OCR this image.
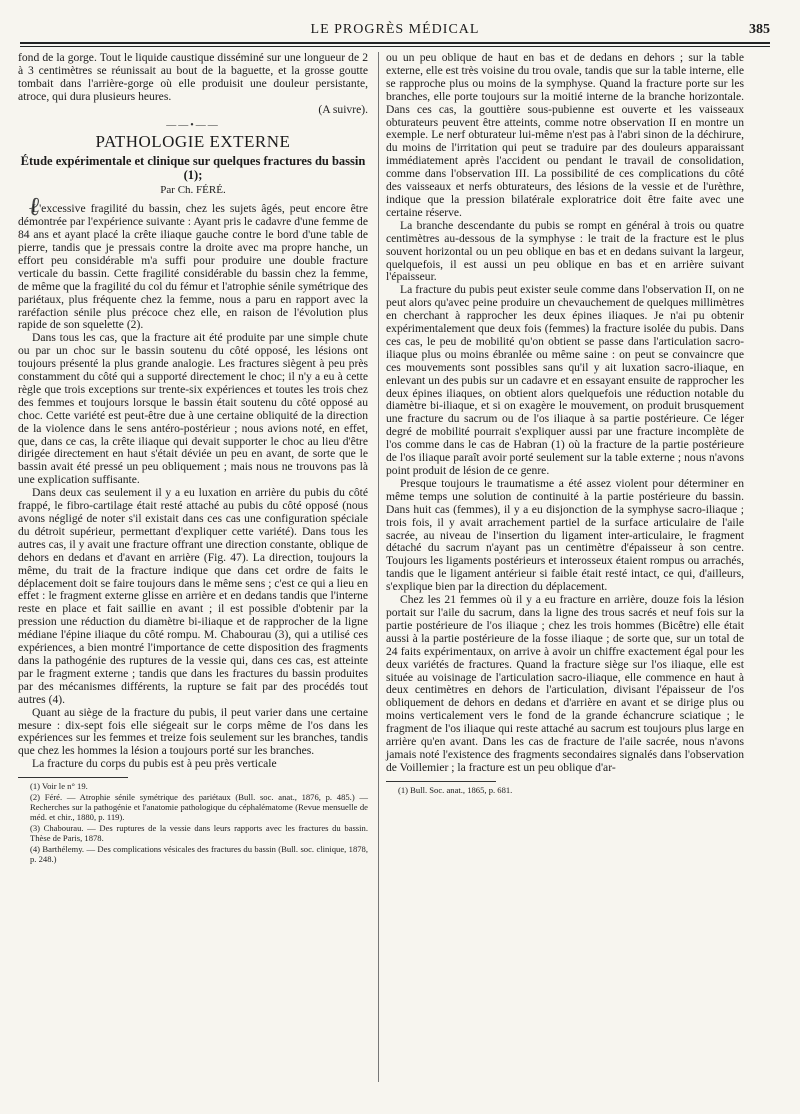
LE PROGRÈS MÉDICAL	385
ℓ

fond de la gorge. Tout le liquide caustique disséminé sur une longueur de 2 à 3 centimètres se réunissait au bout de la baguette, et la grosse goutte tombait dans l'arrière-gorge où elle produisit une douleur persistante, atroce, qui dura plusieurs heures.

(A suivre).

——•——
PATHOLOGIE EXTERNE
Étude expérimentale et clinique sur quelques fractures du bassin (1);
Par Ch. FÉRÉ.

L'excessive fragilité du bassin, chez les sujets âgés, peut encore être démontrée par l'expérience suivante : Ayant pris le cadavre d'une femme de 84 ans et ayant placé la crête iliaque gauche contre le bord d'une table de pierre, tandis que je pressais contre la droite avec ma propre hanche, un effort peu considérable m'a suffi pour produire une double fracture verticale du bassin. Cette fragilité considérable du bassin chez la femme, de même que la fragilité du col du fémur et l'atrophie sénile symétrique des pariétaux, plus fréquente chez la femme, nous a paru en rapport avec la raréfaction sénile plus précoce chez elle, en raison de l'évolution plus rapide de son squelette (2).

Dans tous les cas, que la fracture ait été produite par une simple chute ou par un choc sur le bassin soutenu du côté opposé, les lésions ont toujours présenté la plus grande analogie. Les fractures siègent à peu près constamment du côté qui a supporté directement le choc; il n'y a eu à cette règle que trois exceptions sur trente-six expériences et toutes les trois chez des femmes et toujours lorsque le bassin était soutenu du côté opposé au choc. Cette variété est peut-être due à une certaine obliquité de la direction de la violence dans le sens antéro-postérieur ; nous avions noté, en effet, que, dans ce cas, la crête iliaque qui devait supporter le choc au lieu d'être dirigée directement en haut s'était déviée un peu en avant, de sorte que le bassin avait été pressé un peu obliquement ; mais nous ne trouvons pas là une explication suffisante.

Dans deux cas seulement il y a eu luxation en arrière du pubis du côté frappé, le fibro-cartilage était resté attaché au pubis du côté opposé (nous avons négligé de noter s'il existait dans ces cas une configuration spéciale du détroit supérieur, permettant d'expliquer cette variété). Dans tous les autres cas, il y avait une fracture offrant une direction constante, oblique de dehors en dedans et d'avant en arrière (Fig. 47). La direction, toujours la même, du trait de la fracture indique que dans cet ordre de faits le déplacement doit se faire toujours dans le même sens ; c'est ce qui a lieu en effet : le fragment externe glisse en arrière et en dedans tandis que l'interne reste en place et fait saillie en avant ; il est possible d'obtenir par la pression une réduction du diamètre bi-iliaque et de rapprocher de la ligne médiane l'épine iliaque du côté rompu. M. Chabourau (3), qui a utilisé ces expériences, a bien montré l'importance de cette disposition des fragments dans la pathogénie des ruptures de la vessie qui, dans ces cas, est atteinte par le fragment externe ; tandis que dans les fractures du bassin produites par des mécanismes différents, la rupture se fait par des procédés tout autres (4).

Quant au siège de la fracture du pubis, il peut varier dans une certaine mesure : dix-sept fois elle siégeait sur le corps même de l'os dans les expériences sur les femmes et treize fois seulement sur les branches, tandis que chez les hommes la lésion a toujours porté sur les branches.

La fracture du corps du pubis est à peu près verticale

(1) Voir le n° 19.

(2) Féré. — Atrophie sénile symétrique des pariétaux (Bull. soc. anat., 1876, p. 485.) — Recherches sur la pathogénie et l'anatomie pathologique du céphalématome (Revue mensuelle de méd. et chir., 1880, p. 119).

(3) Chabourau. — Des ruptures de la vessie dans leurs rapports avec les fractures du bassin. Thèse de Paris, 1878.

(4) Barthélemy. — Des complications vésicales des fractures du bassin (Bull. soc. clinique, 1878, p. 248.)

ou un peu oblique de haut en bas et de dedans en dehors ; sur la table externe, elle est très voisine du trou ovale, tandis que sur la table interne, elle se rapproche plus ou moins de la symphyse. Quand la fracture porte sur les branches, elle porte toujours sur la moitié interne de la branche horizontale. Dans ces cas, la gouttière sous-pubienne est ouverte et les vaisseaux obturateurs peuvent être atteints, comme notre observation II en montre un exemple. Le nerf obturateur lui-même n'est pas à l'abri sinon de la déchirure, du moins de l'irritation qui peut se traduire par des douleurs apparaissant immédiatement après l'accident ou pendant le travail de consolidation, comme dans l'observation III. La possibilité de ces complications du côté des vaisseaux et nerfs obturateurs, des lésions de la vessie et de l'urèthre, indique que la pression bilatérale exploratrice doit être faite avec une certaine réserve.

La branche descendante du pubis se rompt en général à trois ou quatre centimètres au-dessous de la symphyse : le trait de la fracture est le plus souvent horizontal ou un peu oblique en bas et en dedans suivant la largeur, quelquefois, il est aussi un peu oblique en bas et en arrière suivant l'épaisseur.

La fracture du pubis peut exister seule comme dans l'observation II, on ne peut alors qu'avec peine produire un chevauchement de quelques millimètres en cherchant à rapprocher les deux épines iliaques. Je n'ai pu obtenir expérimentalement que deux fois (femmes) la fracture isolée du pubis. Dans ces cas, le peu de mobilité qu'on obtient se passe dans l'articulation sacro-iliaque plus ou moins ébranlée ou même saine : on peut se convaincre que ces mouvements sont possibles sans qu'il y ait luxation sacro-iliaque, en enlevant un des pubis sur un cadavre et en essayant ensuite de rapprocher les deux épines iliaques, on obtient alors quelquefois une réduction notable du diamètre bi-iliaque, et si on exagère le mouvement, on produit brusquement une fracture du sacrum ou de l'os iliaque à sa partie postérieure. Ce léger degré de mobilité pourrait s'expliquer aussi par une fracture incomplète de l'os comme dans le cas de Habran (1) où la fracture de la partie postérieure de l'os iliaque paraît avoir porté seulement sur la table externe ; nous n'avons point produit de lésion de ce genre.

Presque toujours le traumatisme a été assez violent pour déterminer en même temps une solution de continuité à la partie postérieure du bassin. Dans huit cas (femmes), il y a eu disjonction de la symphyse sacro-iliaque ; trois fois, il y avait arrachement partiel de la surface articulaire de l'aile sacrée, au niveau de l'insertion du ligament inter-articulaire, le fragment détaché du sacrum n'ayant pas un centimètre d'épaisseur à son centre. Toujours les ligaments postérieurs et interosseux étaient rompus ou arrachés, tandis que le ligament antérieur si faible était resté intact, ce qui, d'ailleurs, s'explique bien par la direction du déplacement.

Chez les 21 femmes où il y a eu fracture en arrière, douze fois la lésion portait sur l'aile du sacrum, dans la ligne des trous sacrés et neuf fois sur la partie postérieure de l'os iliaque ; chez les trois hommes (Bicêtre) elle était aussi à la partie postérieure de la fosse iliaque ; de sorte que, sur un total de 24 faits expérimentaux, on arrive à avoir un chiffre exactement égal pour les deux variétés de fractures. Quand la fracture siège sur l'os iliaque, elle est située au voisinage de l'articulation sacro-iliaque, elle commence en haut à deux centimètres en dehors de l'articulation, divisant l'épaisseur de l'os obliquement de dehors en dedans et d'arrière en avant et se dirige plus ou moins verticalement vers le fond de la grande échancrure sciatique ; le fragment de l'os iliaque qui reste attaché au sacrum est toujours plus large en arrière qu'en avant. Dans les cas de fracture de l'aile sacrée, nous n'avons jamais noté l'existence des fragments secondaires signalés dans l'observation de Voillemier ; la fracture est un peu oblique d'ar-

(1) Bull. Soc. anat., 1865, p. 681.
